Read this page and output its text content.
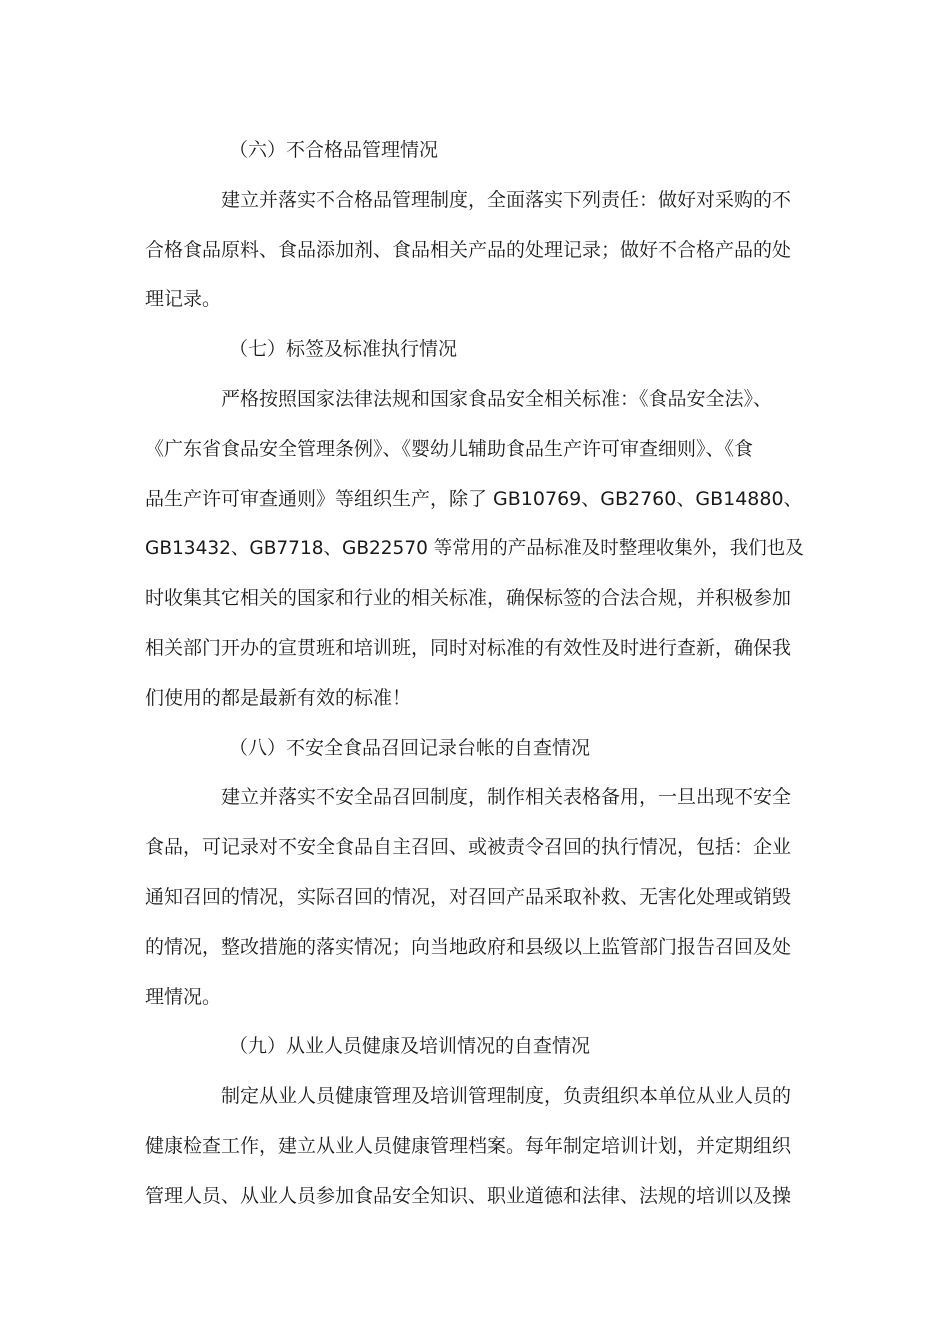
（六）不合格品管理情况
建立并落实不合格品管理制度，全面落实下列责任：做好对采购的不
合格食品原料、食品添加剂、食品相关产品的处理记录；做好不合格产品的处
理记录。
（七）标签及标准执行情况
严格按照国家法律法规和国家食品安全相关标准：《食品安全法》、
《广东省食品安全管理条例》、《婴幼儿辅助食品生产许可审查细则》、《食
品生产许可审查通则》等组织生产，除了 GB10769、GB2760、GB14880、
GB13432、GB7718、GB22570 等常用的产品标准及时整理收集外，我们也及
时收集其它相关的国家和行业的相关标准，确保标签的合法合规，并积极参加
相关部门开办的宣贯班和培训班，同时对标准的有效性及时进行查新，确保我
们使用的都是最新有效的标准！
（八）不安全食品召回记录台帐的自查情况
建立并落实不安全品召回制度，制作相关表格备用，一旦出现不安全
食品，可记录对不安全食品自主召回、或被责令召回的执行情况，包括：企业
通知召回的情况，实际召回的情况，对召回产品采取补救、无害化处理或销毁
的情况，整改措施的落实情况；向当地政府和县级以上监管部门报告召回及处
理情况。
（九）从业人员健康及培训情况的自查情况
制定从业人员健康管理及培训管理制度，负责组织本单位从业人员的
健康检查工作，建立从业人员健康管理档案。每年制定培训计划，并定期组织
管理人员、从业人员参加食品安全知识、职业道德和法律、法规的培训以及操
